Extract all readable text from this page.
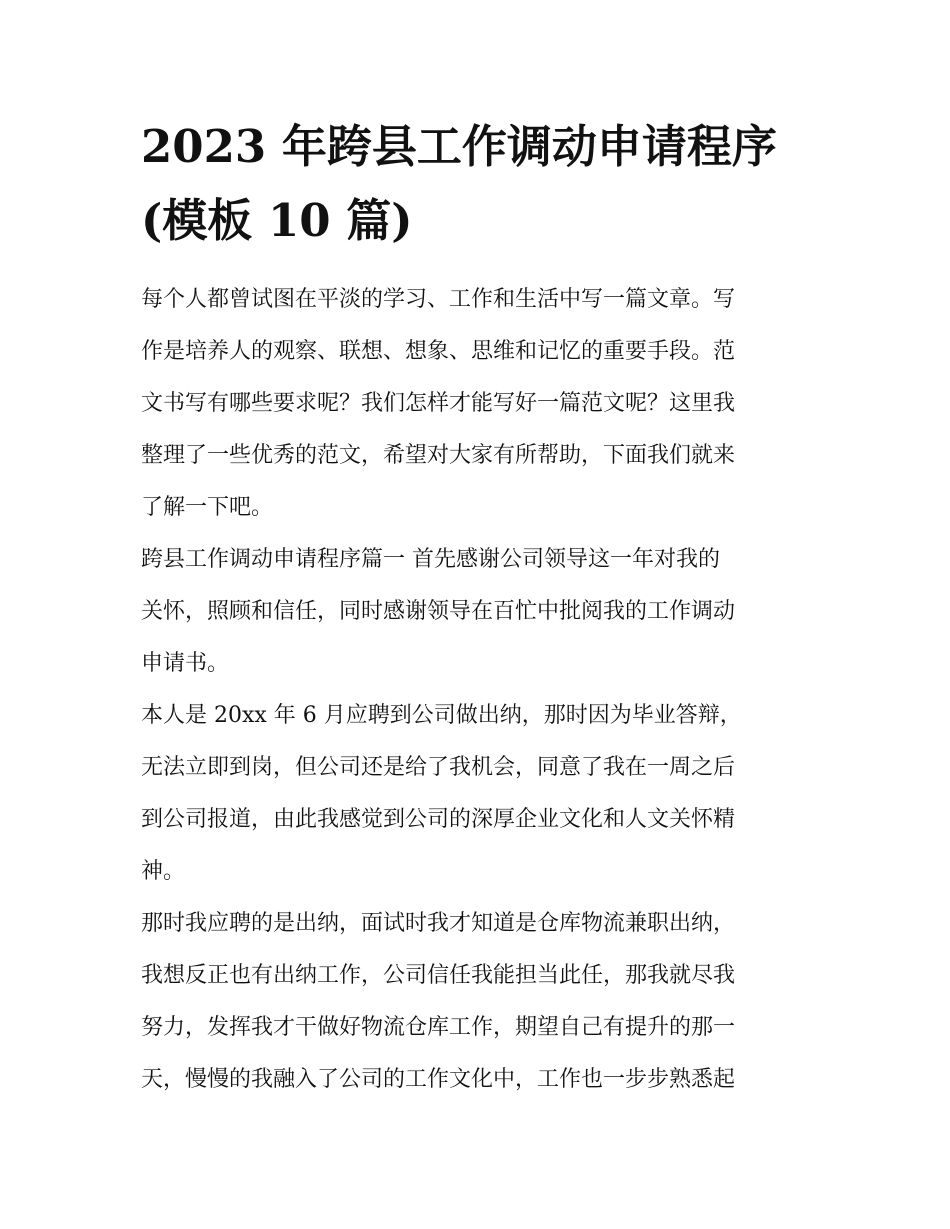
2023 年跨县工作调动申请程序
(模板 10 篇)

每个人都曾试图在平淡的学习、工作和生活中写一篇文章。写
作是培养人的观察、联想、想象、思维和记忆的重要手段。范
文书写有哪些要求呢？我们怎样才能写好一篇范文呢？这里我
整理了一些优秀的范文，希望对大家有所帮助，下面我们就来
了解一下吧。

跨县工作调动申请程序篇一 首先感谢公司领导这一年对我的
关怀，照顾和信任，同时感谢领导在百忙中批阅我的工作调动
申请书。

本人是 20xx 年 6 月应聘到公司做出纳，那时因为毕业答辩，
无法立即到岗，但公司还是给了我机会，同意了我在一周之后
到公司报道，由此我感觉到公司的深厚企业文化和人文关怀精
神。

那时我应聘的是出纳，面试时我才知道是仓库物流兼职出纳，
我想反正也有出纳工作，公司信任我能担当此任，那我就尽我
努力，发挥我才干做好物流仓库工作，期望自己有提升的那一
天，慢慢的我融入了公司的工作文化中，工作也一步步熟悉起
